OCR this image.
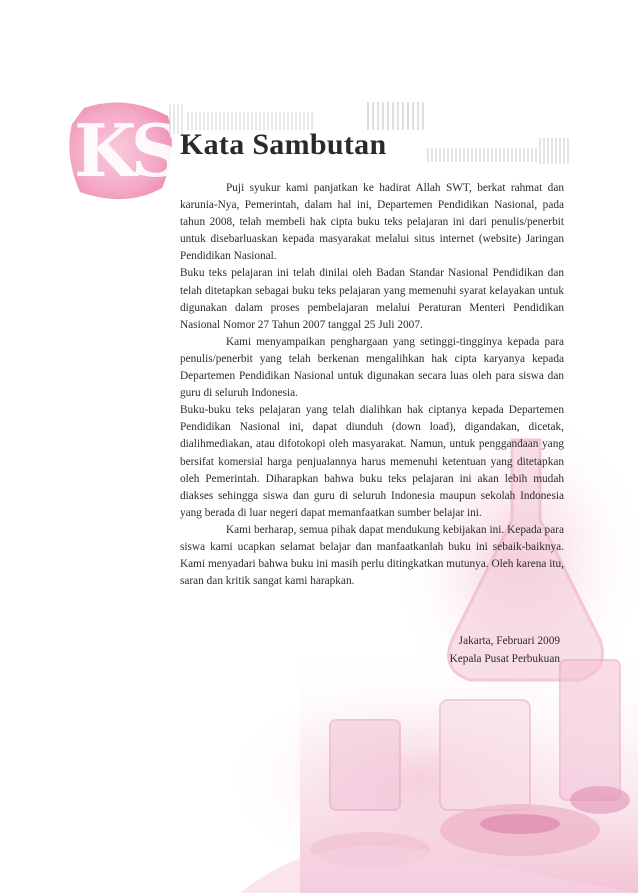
KS Kata Sambutan

Puji syukur kami panjatkan ke hadirat Allah SWT, berkat rahmat dan karunia-Nya, Pemerintah, dalam hal ini, Departemen Pendidikan Nasional, pada tahun 2008, telah membeli hak cipta buku teks pelajaran ini dari penulis/penerbit untuk disebarluaskan kepada masyarakat melalui situs internet (website) Jaringan Pendidikan Nasional.

Buku teks pelajaran ini telah dinilai oleh Badan Standar Nasional Pendidikan dan telah ditetapkan sebagai buku teks pelajaran yang memenuhi syarat kelayakan untuk digunakan dalam proses pembelajaran melalui Peraturan Menteri Pendidikan Nasional Nomor 27 Tahun 2007 tanggal 25 Juli 2007.

Kami menyampaikan penghargaan yang setinggi-tingginya kepada para penulis/penerbit yang telah berkenan mengalihkan hak cipta karyanya kepada Departemen Pendidikan Nasional untuk digunakan secara luas oleh para siswa dan guru di seluruh Indonesia.

Buku-buku teks pelajaran yang telah dialihkan hak ciptanya kepada Departemen Pendidikan Nasional ini, dapat diunduh (down load), digandakan, dicetak, dialihmediakan, atau difotokopi oleh masyarakat. Namun, untuk penggandaan yang bersifat komersial harga penjualannya harus memenuhi ketentuan yang ditetapkan oleh Pemerintah. Diharapkan bahwa buku teks pelajaran ini akan lebih mudah diakses sehingga siswa dan guru di seluruh Indonesia maupun sekolah Indonesia yang berada di luar negeri dapat memanfaatkan sumber belajar ini.

Kami berharap, semua pihak dapat mendukung kebijakan ini. Kepada para siswa kami ucapkan selamat belajar dan manfaatkanlah buku ini sebaik-baiknya. Kami menyadari bahwa buku ini masih perlu ditingkatkan mutunya. Oleh karena itu, saran dan kritik sangat kami harapkan.

Jakarta, Februari 2009
Kepala Pusat Perbukuan
